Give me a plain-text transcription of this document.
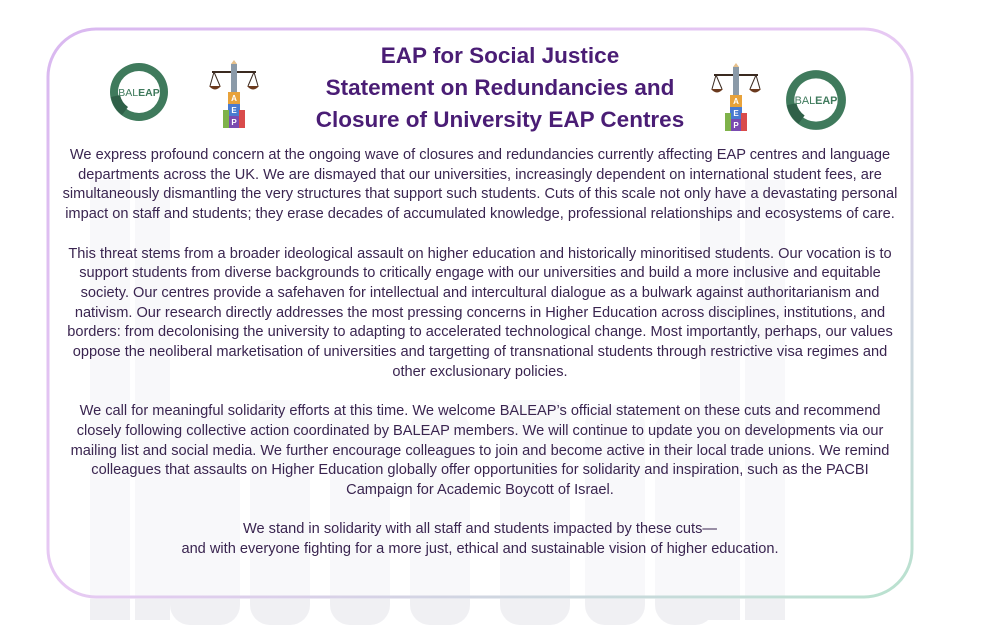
BALEAP	A
E
P
A
E
P
BALEAP
EAP for Social Justice
Statement on Redundancies and
Closure of University EAP Centres

We express profound concern at the ongoing wave of closures and redundancies currently affecting EAP centres and language departments across the UK. We are dismayed that our universities, increasingly dependent on international student fees, are simultaneously dismantling the very structures that support such students. Cuts of this scale not only have a devastating personal impact on staff and students; they erase decades of accumulated knowledge, professional relationships and ecosystems of care.

This threat stems from a broader ideological assault on higher education and historically minoritised students. Our vocation is to support students from diverse backgrounds to critically engage with our universities and build a more inclusive and equitable society. Our centres provide a safehaven for intellectual and intercultural dialogue as a bulwark against authoritarianism and nativism. Our research directly addresses the most pressing concerns in Higher Education across disciplines, institutions, and borders: from decolonising the university to adapting to accelerated technological change. Most importantly, perhaps, our values oppose the neoliberal marketisation of universities and targetting of transnational students through restrictive visa regimes and other exclusionary policies.

We call for meaningful solidarity efforts at this time. We welcome BALEAP’s official statement on these cuts and recommend closely following collective action coordinated by BALEAP members. We will continue to update you on developments via our mailing list and social media. We further encourage colleagues to join and become active in their local trade unions. We remind colleagues that assaults on Higher Education globally offer opportunities for solidarity and inspiration, such as the PACBI Campaign for Academic Boycott of Israel.

We stand in solidarity with all staff and students impacted by these cuts—
and with everyone fighting for a more just, ethical and sustainable vision of higher education.
